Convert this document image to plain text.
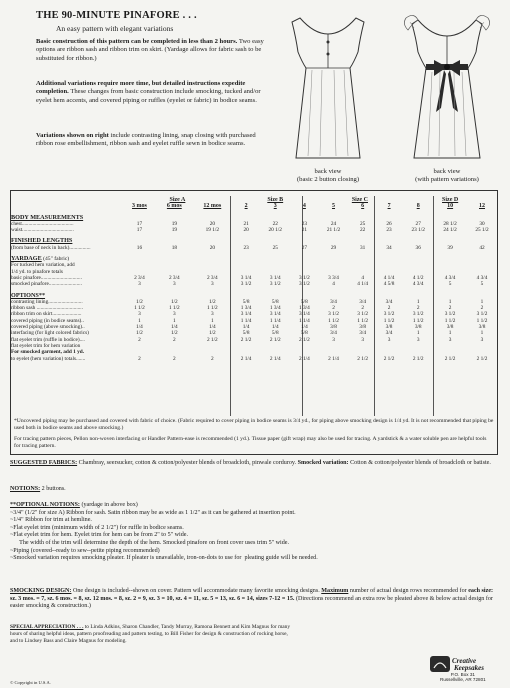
THE 90-MINUTE PINAFORE . . .
An easy pattern with elegant variations
Basic construction of this pattern can be completed in less than 2 hours. Two easy options are ribbon sash and ribbon trim on skirt. (Yardage allows for fabric sash to be substituted for ribbon.)
Additional variations require more time, but detailed instructions expedite completion. These changes from basic construction include smocking, tucked and/or eyelet hem accents, and covered piping or ruffles (eyelet or fabric) in bodice seams.
Variations shown on right include contrasting lining, snap closing with purchased ribbon rose embellishment, ribbon sash and eyelet ruffle sewn in bodice seams.
back view
(basic 2 button closing)
back view
(with pattern variations)
	Size A			Size B			Size C			Size D		
	3 mos	6 mos	12 mos	2	3	4	5	6	7	8	10	12

BODY MEASUREMENTS												
chest.......................................	17	19	20	21	22	23	24	25	26	27	28 1/2	30
waist.......................................	17	19	19 1/2	20	20 1/2	21	21 1/2	22	23	23 1/2	24 1/2	25 1/2

FINISHED LENGTHS												
(from base of neck in back)................	16	18	20	23	25	27	29	31	34	36	39	42

YARDAGE (45" fabric)												
For tucked hem variation, add												
1/4 yd. to pinafore totals												
basic pinafore...............................	2 3/4	2 3/4	2 3/4	3 1/4	3 1/4	3 1/2	3 3/4	4	4 1/4	4 1/2	4 3/4	4 3/4
smocked pinafore.........................	3	3	3	3 1/2	3 1/2	3 1/2	4	4 1/4	4 5/8	4 3/4	5	5

OPTIONS**												
contrasting lining..........................	1/2	1/2	1/2	5/8	5/8	5/8	3/4	3/4	3/4	1	1	1
ribbon sash ...................................	1 1/2	1 1/2	1 1/2	1 3/4	1 3/4	1 3/4	2	2	2	2	2	2
ribbon trim on skirt......................	3	3	3	3 1/4	3 1/4	3 1/4	3 1/2	3 1/2	3 1/2	3 1/2	3 1/2	3 1/2
covered piping (in bodice seams)..	1	1	1	1 1/4	1 1/4	1 1/4	1 1/2	1 1/2	1 1/2	1 1/2	1 1/2	1 1/2
covered piping (above smocking)..	1/4	1/4	1/4	1/4	1/4	1/4	3/8	3/8	3/8	3/8	3/8	3/8
interfacing (for light colored fabrics)	1/2	1/2	1/2	5/8	5/8	5/8	3/4	3/4	3/4	1	1	1

flat eyelet trim (ruffle in bodice)....	2	2	2 1/2	2 1/2	2 1/2	2 1/2	3	3	3	3	3	3
flat eyelet trim for hem variation												
For smocked garment, add 1 yd.												
to eyelet (hem variation) totals.......	2	2	2	2 1/4	2 1/4	2 1/4	2 1/4	2 1/2	2 1/2	2 1/2	2 1/2	2 1/2
*Uncovered piping may be purchased and covered with fabric of choice. (Fabric required to cover piping in bodice seams is 3/4 yd., for piping above smocking design is 1/4 yd. It is not recommended that piping be used both in bodice seams and above smocking.)
For tracing pattern pieces, Pellon non-woven interfacing or Handler Pattern-ease is recommended (1 yd.). Tissue paper (gift wrap) may also be used for tracing. A yardstick & a water soluble pen are helpful tools for tracing pattern.
SUGGESTED FABRICS: Chambray, seersucker, cotton & cotton/polyester blends of broadcloth, pinwale corduroy. Smocked variation: Cotton & cotton/polyester blends of broadcloth or batiste.
NOTIONS: 2 buttons.
**OPTIONAL NOTIONS: (yardage in above box)
~3/4" (1/2" for size A) Ribbon for sash. Satin ribbon may be as wide as 1 1/2" as it can be gathered at insertion point.
~1/4" Ribbon for trim at hemline.
~Flat eyelet trim (minimum width of 2 1/2") for ruffle in bodice seams.
~Flat eyelet trim for hem. Eyelet trim for hem can be from 2" to 5" wide.
The width of the trim will determine the depth of the hem. Smocked pinafore on front cover uses trim 5" wide.
~Piping (covered--ready to sew--petite piping recommended)
~Smocked variation requires smocking pleater. If pleater is unavailable, iron-on-dots to use for  pleating guide will be needed.
SMOCKING DESIGN: One design is included--shown on cover. Pattern will accommodate many favorite smocking designs. Maximum number of actual design rows recommended for each size: sz. 3 mos. = 7, sz. 6 mos. = 8, sz. 12 mos. = 8, sz. 2 = 9, sz. 3 = 10, sz. 4 = 11, sz. 5 = 13, sz. 6 = 14, sizes 7-12 = 15. (Directions recommend an extra row be pleated above & below actual design for easier smocking & construction.)
SPECIAL APPRECIATION . . . to Linda Adkins, Sharon Chandler, Tandy Murray, Ramona Bennett and Kim Magnus for many
hours of sharing helpful ideas, pattern proofreading and pattern testing, to Bill Fisher for design & construction of rocking horse,
and to Lindsey Bass and Claire Magnus for modeling.
Creative
Keepsakes
P.O. Box 31
Russellville, AR 72801
© Copyright in U.S.A.
